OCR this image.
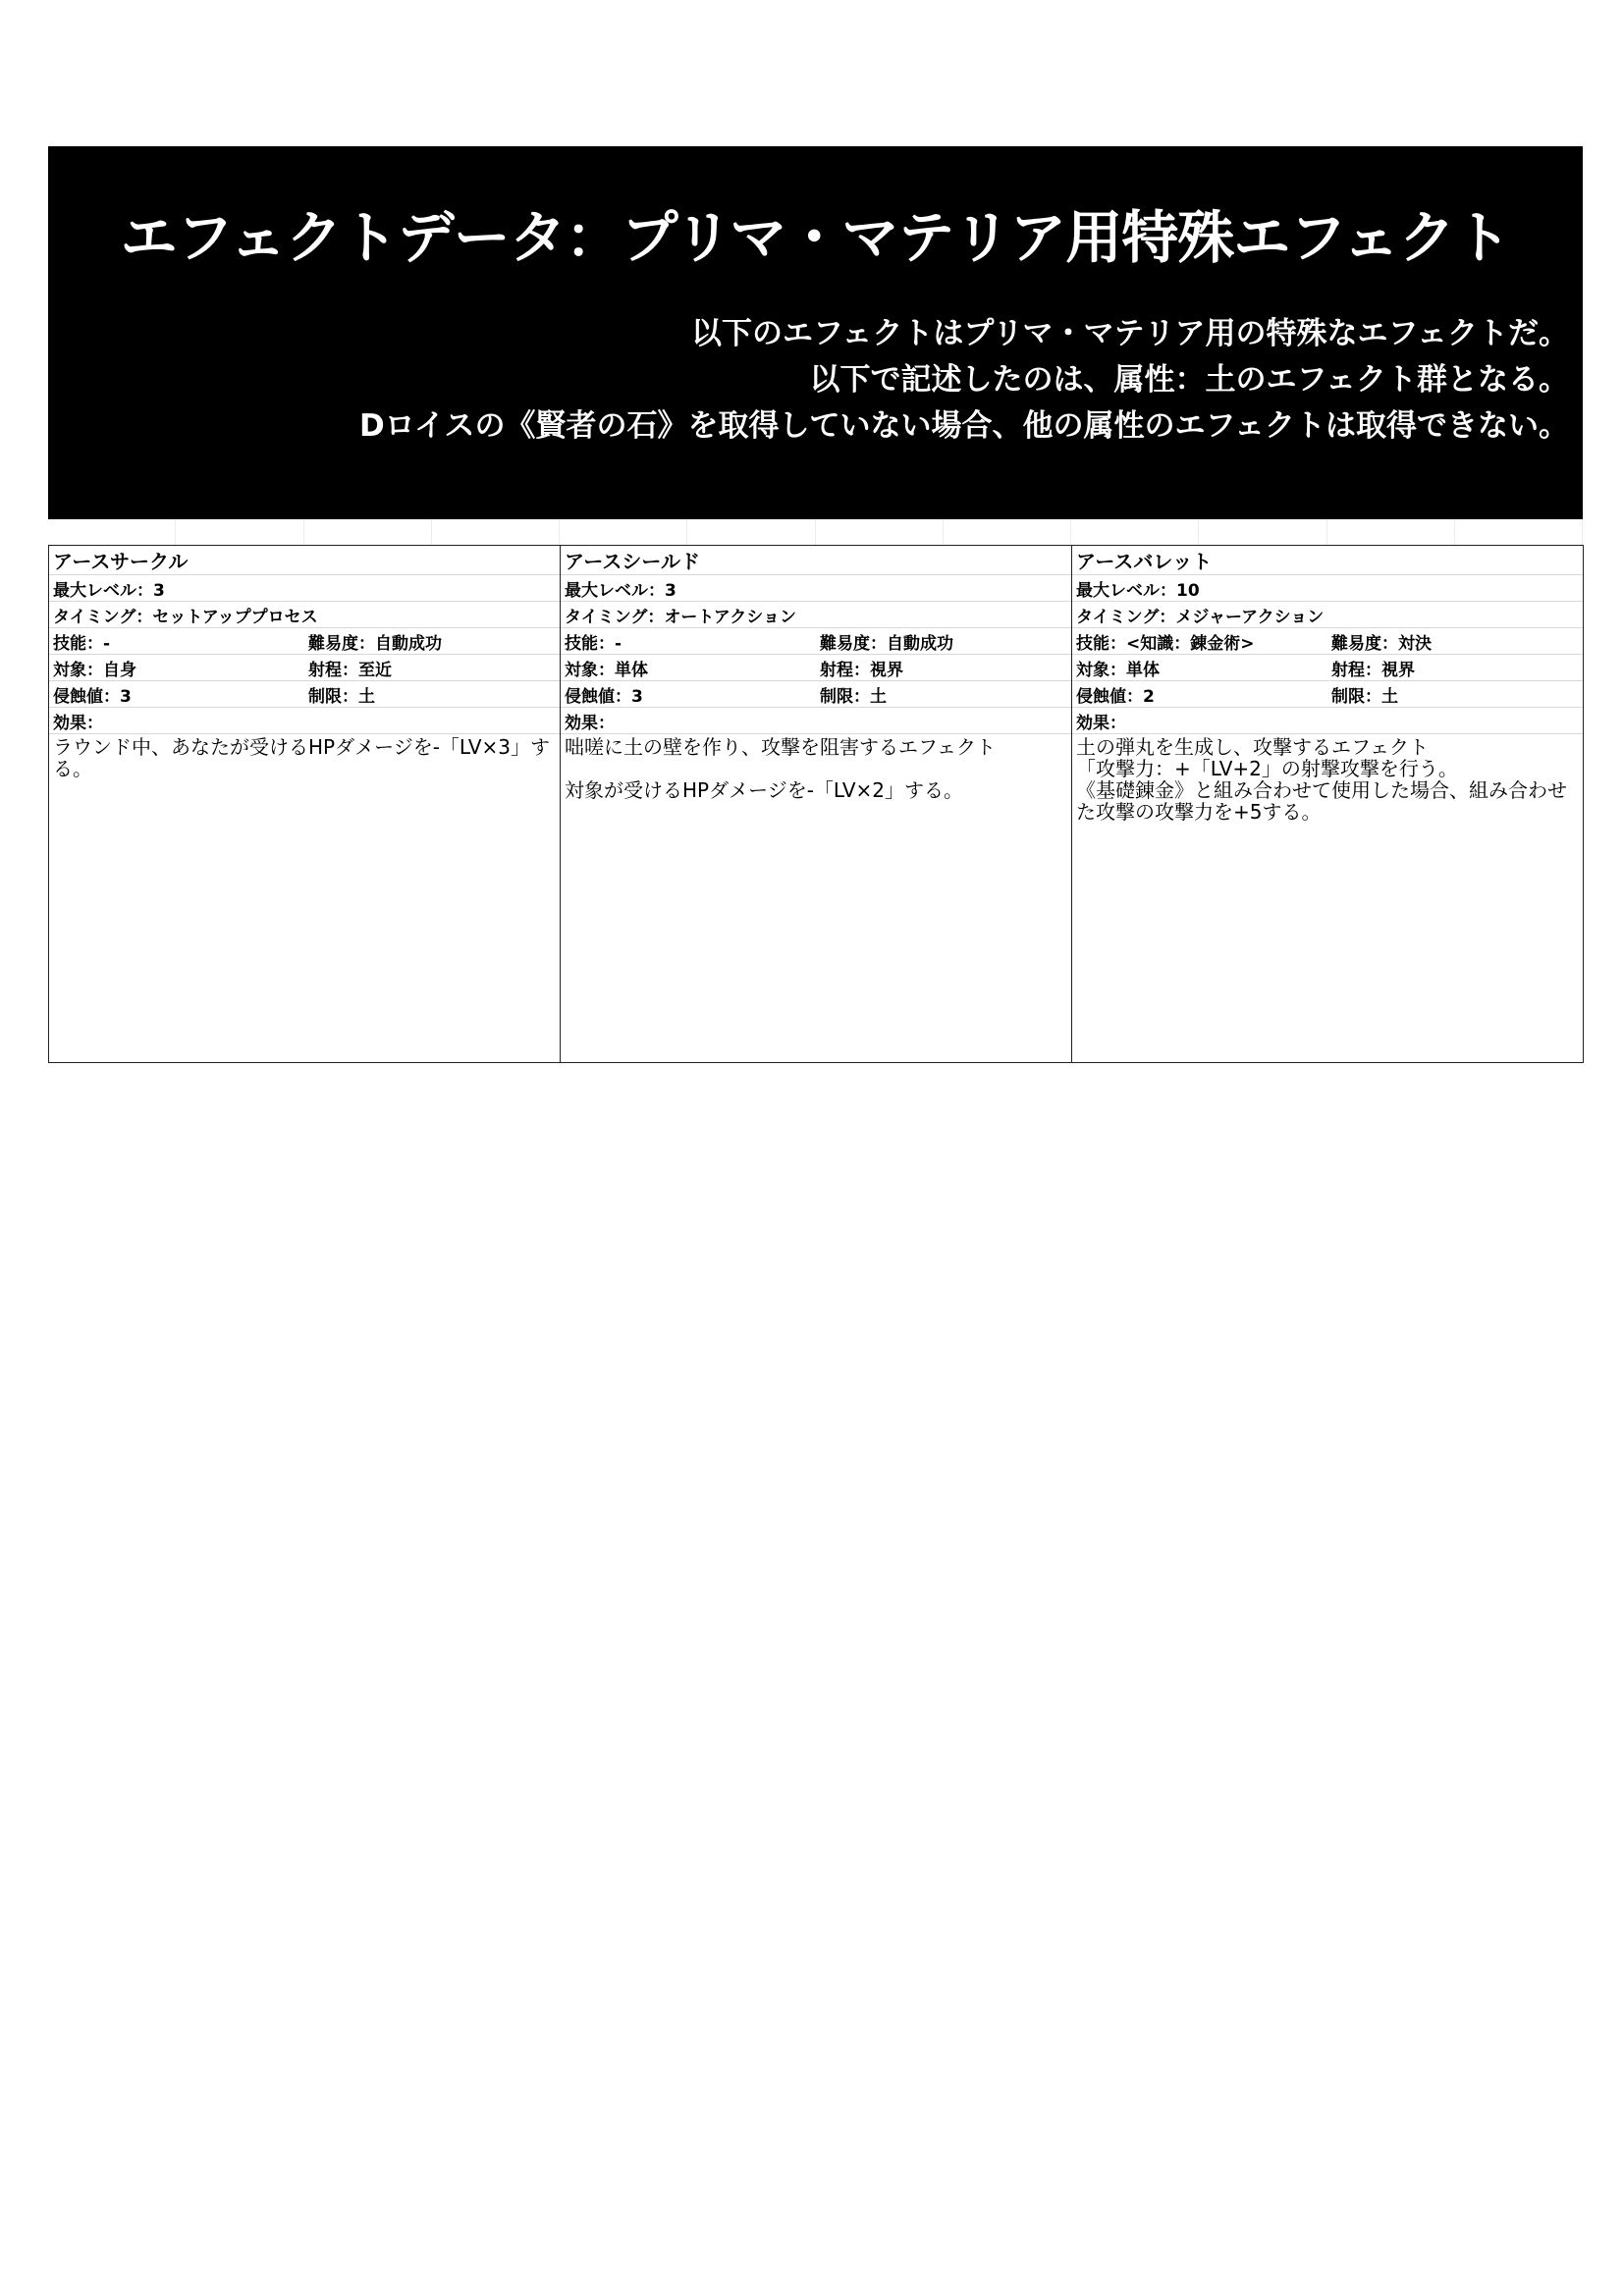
エフェクトデータ：プリマ・マテリア用特殊エフェクト
以下のエフェクトはプリマ・マテリア用の特殊なエフェクトだ。
以下で記述したのは、属性：土のエフェクト群となる。
Dロイスの《賢者の石》を取得していない場合、他の属性のエフェクトは取得できない。
アースサークル
最大レベル：3
タイミング：セットアッププロセス
技能：-	難易度：自動成功
対象：自身	射程：至近
侵蝕値：3	制限：土
効果：
ラウンド中、あなたが受けるHPダメージを-「LV×3」する。
アースシールド
最大レベル：3
タイミング：オートアクション
技能：-	難易度：自動成功
対象：単体	射程：視界
侵蝕値：3	制限：土
効果：
咄嗟に土の壁を作り、攻撃を阻害するエフェクト

対象が受けるHPダメージを-「LV×2」する。
アースバレット
最大レベル：10
タイミング：メジャーアクション
技能：<知識：錬金術>	難易度：対決
対象：単体	射程：視界
侵蝕値：2	制限：土
効果：
土の弾丸を生成し、攻撃するエフェクト
「攻撃力：+「LV+2」の射撃攻撃を行う。
《基礎錬金》と組み合わせて使用した場合、組み合わせた攻撃の攻撃力を+5する。
